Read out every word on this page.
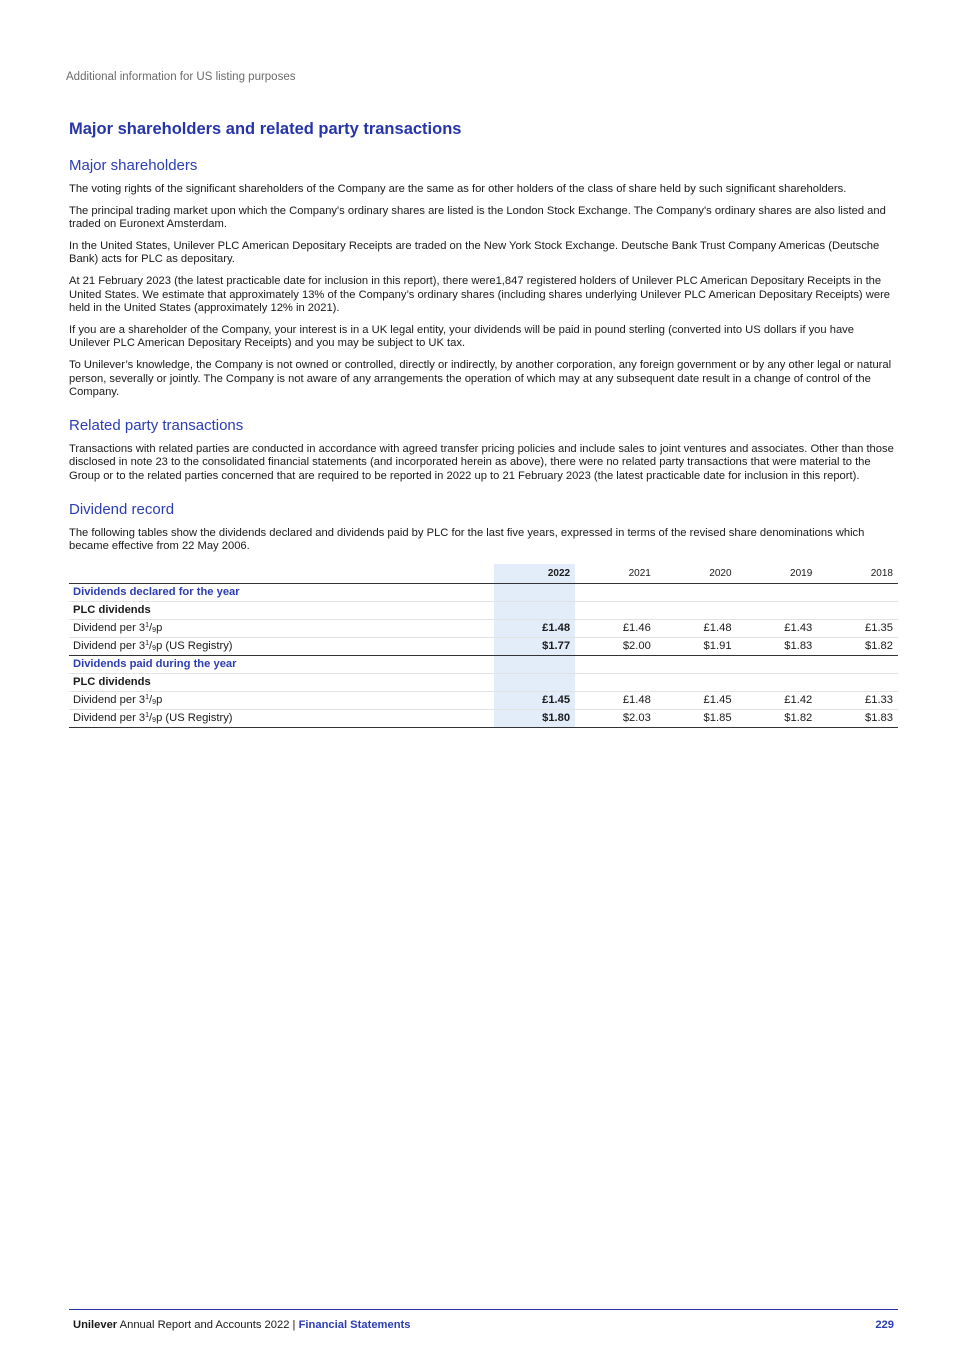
Additional information for US listing purposes
Major shareholders and related party transactions
Major shareholders

The voting rights of the significant shareholders of the Company are the same as for other holders of the class of share held by such significant shareholders.

The principal trading market upon which the Company's ordinary shares are listed is the London Stock Exchange. The Company's ordinary shares are also listed and traded on Euronext Amsterdam.

In the United States, Unilever PLC American Depositary Receipts are traded on the New York Stock Exchange. Deutsche Bank Trust Company Americas (Deutsche Bank) acts for PLC as depositary.

At 21 February 2023 (the latest practicable date for inclusion in this report), there were1,847 registered holders of Unilever PLC American Depositary Receipts in the United States. We estimate that approximately 13% of the Company’s ordinary shares (including shares underlying Unilever PLC American Depositary Receipts) were held in the United States (approximately 12% in 2021).

If you are a shareholder of the Company, your interest is in a UK legal entity, your dividends will be paid in pound sterling (converted into US dollars if you have Unilever PLC American Depositary Receipts) and you may be subject to UK tax.

To Unilever’s knowledge, the Company is not owned or controlled, directly or indirectly, by another corporation, any foreign government or by any other legal or natural person, severally or jointly. The Company is not aware of any arrangements the operation of which may at any subsequent date result in a change of control of the Company.

Related party transactions

Transactions with related parties are conducted in accordance with agreed transfer pricing policies and include sales to joint ventures and associates. Other than those disclosed in note 23 to the consolidated financial statements (and incorporated herein as above), there were no related party transactions that were material to the Group or to the related parties concerned that are required to be reported in 2022 up to 21 February 2023 (the latest practicable date for inclusion in this report).

Dividend record

The following tables show the dividends declared and dividends paid by PLC for the last five years, expressed in terms of the revised share denominations which became effective from 22 May 2006.

	2022	2021	2020	2019	2018
Dividends declared for the year					
PLC dividends					
Dividend per $3^1/_9p$	£1.48	£1.46	£1.48	£1.43	£1.35
Dividend per $3^1/_9p$ (US Registry)	$1.77	$2.00	$1.91	$1.83	$1.82
Dividends paid during the year					
PLC dividends					
Dividend per $3^1/_9p$	£1.45	£1.48	£1.45	£1.42	£1.33
Dividend per $3^1/_9p$ (US Registry)	$1.80	$2.03	$1.85	$1.82	$1.83
Unilever Annual Report and Accounts 2022 | Financial Statements	229
